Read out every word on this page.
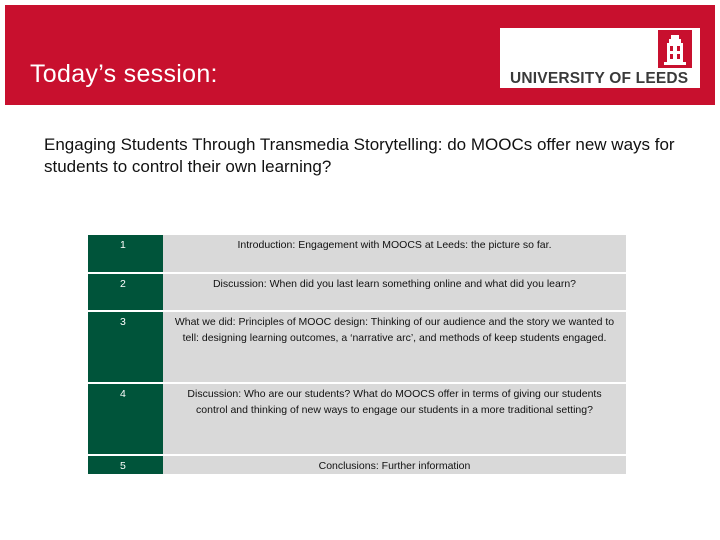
Today’s session:	UNIVERSITY OF LEEDS
Engaging Students Through Transmedia Storytelling: do MOOCs offer new ways for students to control their own learning?
1	Introduction: Engagement with MOOCS at Leeds: the picture so far.
2	Discussion: When did you last learn something online and what did you learn?
3	What we did: Principles of MOOC design: Thinking of our audience and the story we wanted to tell: designing learning outcomes, a ‘narrative arc’, and methods of keep students engaged.
4	Discussion: Who are our students? What do MOOCS offer in terms of giving our students control and thinking of new ways to engage our students in a more traditional setting?
5	Conclusions: Further information
